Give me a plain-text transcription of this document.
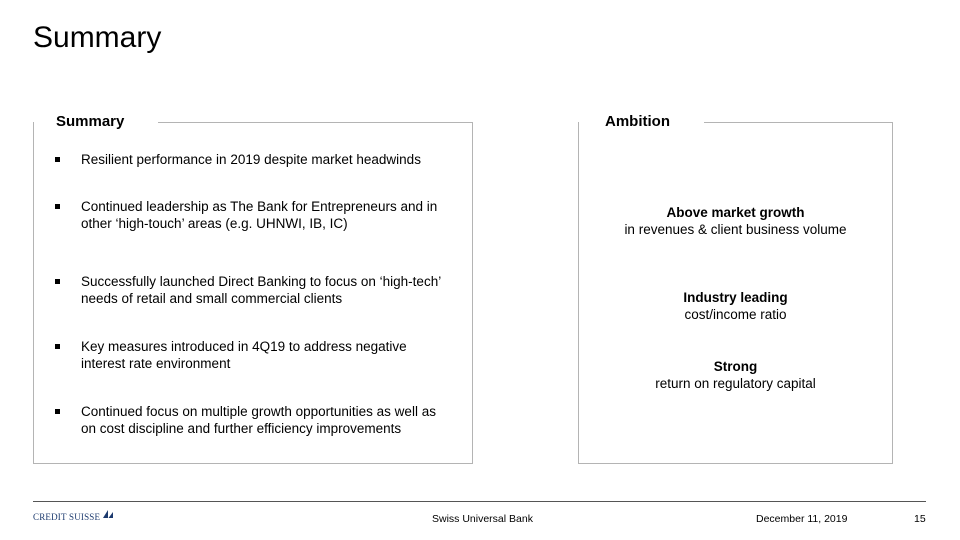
Summary
Summary
Resilient performance in 2019 despite market headwinds
Continued leadership as The Bank for Entrepreneurs and in other ‘high-touch’ areas (e.g. UHNWI, IB, IC)
Successfully launched Direct Banking to focus on ‘high-tech’ needs of retail and small commercial clients
Key measures introduced in 4Q19 to address negative interest rate environment
Continued focus on multiple growth opportunities as well as on cost discipline and further efficiency improvements
Ambition
Above market growth
in revenues & client business volume
Industry leading
cost/income ratio
Strong
return on regulatory capital
CREDIT SUISSE	Swiss Universal Bank	December 11, 2019	15
